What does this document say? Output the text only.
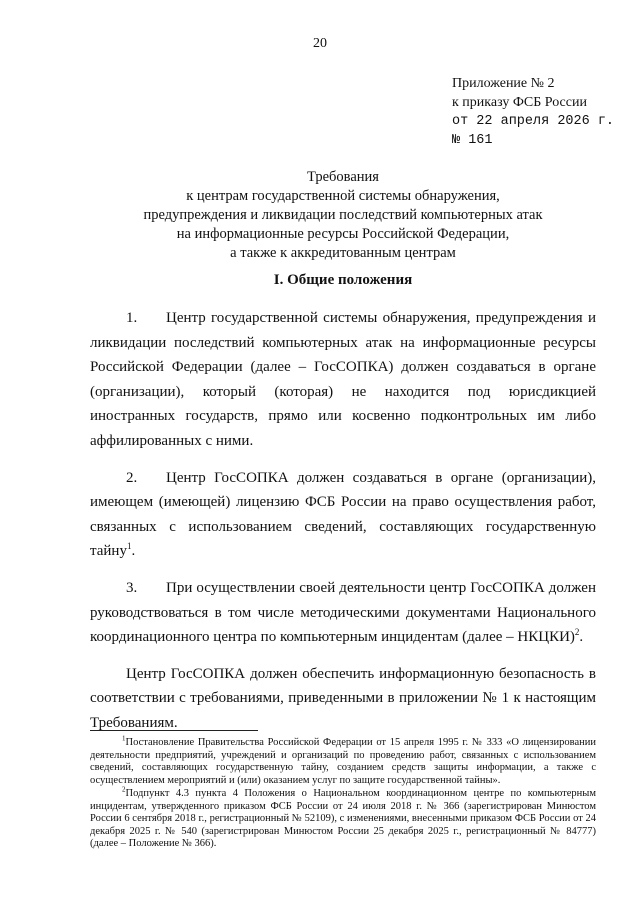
20
Приложение № 2
к приказу ФСБ России
от 22 апреля 2026 г.
№ 161
Требования
к центрам государственной системы обнаружения,
предупреждения и ликвидации последствий компьютерных атак
на информационные ресурсы Российской Федерации,
а также к аккредитованным центрам
I. Общие положения

1. Центр государственной системы обнаружения, предупреждения и ликвидации последствий компьютерных атак на информационные ресурсы Российской Федерации (далее – ГосСОПКА) должен создаваться в органе (организации), который (которая) не находится под юрисдикцией иностранных государств, прямо или косвенно подконтрольных им либо аффилированных с ними.

2. Центр ГосСОПКА должен создаваться в органе (организации), имеющем (имеющей) лицензию ФСБ России на право осуществления работ, связанных с использованием сведений, составляющих государственную тайну$^1$.

3. При осуществлении своей деятельности центр ГосСОПКА должен руководствоваться в том числе методическими документами Национального координационного центра по компьютерным инцидентам (далее – НКЦКИ)$^2$.

Центр ГосСОПКА должен обеспечить информационную безопасность в соответствии с требованиями, приведенными в приложении № 1 к настоящим Требованиям.

$^1$Постановление Правительства Российской Федерации от 15 апреля 1995 г. № 333 «О лицензировании деятельности предприятий, учреждений и организаций по проведению работ, связанных с использованием сведений, составляющих государственную тайну, созданием средств защиты информации, а также с осуществлением мероприятий и (или) оказанием услуг по защите государственной тайны».

$^2$Подпункт 4.3 пункта 4 Положения о Национальном координационном центре по компьютерным инцидентам, утвержденного приказом ФСБ России от 24 июля 2018 г. № 366 (зарегистрирован Минюстом России 6 сентября 2018 г., регистрационный № 52109), с изменениями, внесенными приказом ФСБ России от 24 декабря 2025 г. № 540 (зарегистрирован Минюстом России 25 декабря 2025 г., регистрационный № 84777) (далее – Положение № 366).
